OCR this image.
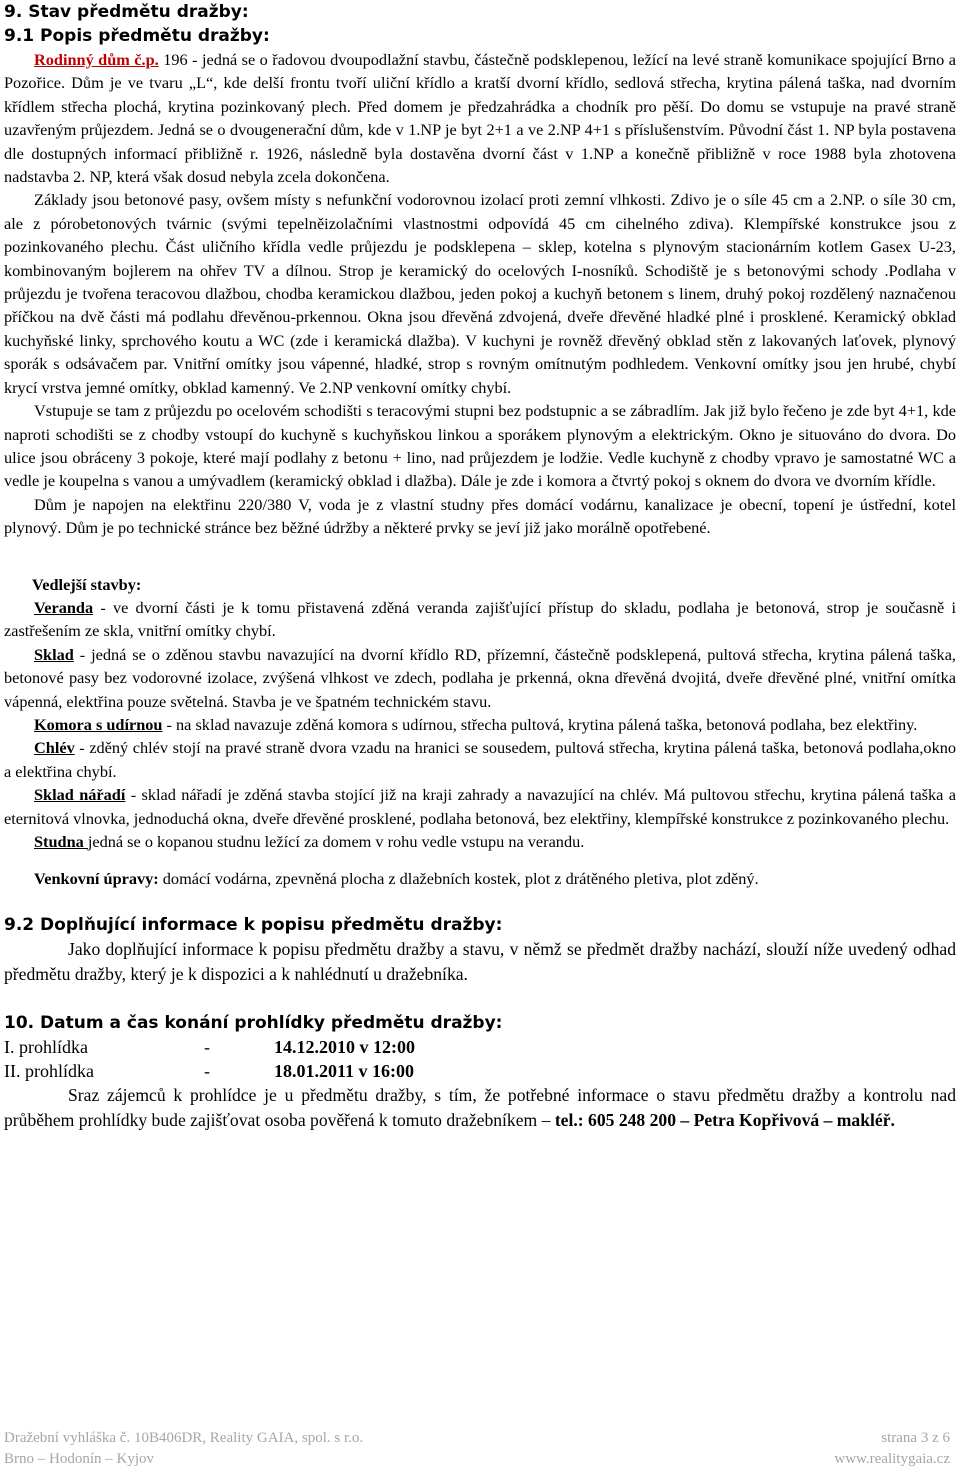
9. Stav předmětu dražby:
9.1 Popis předmětu dražby:

Rodinný dům č.p. 196 - jedná se o řadovou dvoupodlažní stavbu, částečně podsklepenou, ležící na levé straně komunikace spojující Brno a Pozořice. Dům je ve tvaru „L“, kde delší frontu tvoří uliční křídlo a kratší dvorní křídlo, sedlová střecha, krytina pálená taška, nad dvorním křídlem střecha plochá, krytina pozinkovaný plech. Před domem je předzahrádka a chodník pro pěší. Do domu se vstupuje na pravé straně uzavřeným průjezdem. Jedná se o dvougenerační dům, kde v 1.NP je byt 2+1 a ve 2.NP 4+1 s příslušenstvím. Původní část 1. NP byla postavena dle dostupných informací přibližně r. 1926, následně byla dostavěna dvorní část v 1.NP a konečně přibližně v roce 1988 byla zhotovena nadstavba 2. NP, která však dosud nebyla zcela dokončena.

Základy jsou betonové pasy, ovšem místy s nefunkční vodorovnou izolací proti zemní vlhkosti. Zdivo je o síle 45 cm a 2.NP. o síle 30 cm, ale z pórobetonových tvárnic (svými tepelněizolačními vlastnostmi odpovídá 45 cm cihelného zdiva). Klempířské konstrukce jsou z pozinkovaného plechu. Část uličního křídla vedle průjezdu je podsklepena – sklep, kotelna s plynovým stacionárním kotlem Gasex U-23, kombinovaným bojlerem na ohřev TV a dílnou. Strop je keramický do ocelových I-nosníků. Schodiště je s betonovými schody .Podlaha v průjezdu je tvořena teracovou dlažbou, chodba keramickou dlažbou, jeden pokoj a kuchyň betonem s linem, druhý pokoj rozdělený naznačenou příčkou na dvě části má podlahu dřevěnou-prkennou. Okna jsou dřevěná zdvojená, dveře dřevěné hladké plné i prosklené. Keramický obklad kuchyňské linky, sprchového koutu a WC (zde i keramická dlažba). V kuchyni je rovněž dřevěný obklad stěn z lakovaných laťovek, plynový sporák s odsávačem par. Vnitřní omítky jsou vápenné, hladké, strop s rovným omítnutým podhledem. Venkovní omítky jsou jen hrubé, chybí krycí vrstva jemné omítky, obklad kamenný. Ve 2.NP venkovní omítky chybí.

Vstupuje se tam z průjezdu po ocelovém schodišti s teracovými stupni bez podstupnic a se zábradlím. Jak již bylo řečeno je zde byt 4+1, kde naproti schodišti se z chodby vstoupí do kuchyně s kuchyňskou linkou a sporákem plynovým a elektrickým. Okno je situováno do dvora. Do ulice jsou obráceny 3 pokoje, které mají podlahy z betonu + lino, nad průjezdem je lodžie. Vedle kuchyně z chodby vpravo je samostatné WC a vedle je koupelna s vanou a umývadlem (keramický obklad i dlažba). Dále je zde i komora a čtvrtý pokoj s oknem do dvora ve dvorním křídle.

Dům je napojen na elektřinu 220/380 V, voda je z vlastní studny přes domácí vodárnu, kanalizace je obecní, topení je ústřední, kotel plynový. Dům je po technické stránce bez běžné údržby a některé prvky se jeví již jako morálně opotřebené.

Vedlejší stavby:

Veranda - ve dvorní části je k tomu přistavená zděná veranda zajišťující přístup do skladu, podlaha je betonová, strop je současně i zastřešením ze skla, vnitřní omítky chybí.

Sklad - jedná se o zděnou stavbu navazující na dvorní křídlo RD, přízemní, částečně podsklepená, pultová střecha, krytina pálená taška, betonové pasy bez vodorovné izolace, zvýšená vlhkost ve zdech, podlaha je prkenná, okna dřevěná dvojitá, dveře dřevěné plné, vnitřní omítka vápenná, elektřina pouze světelná. Stavba je ve špatném technickém stavu.

Komora s udírnou - na sklad navazuje zděná komora s udírnou, střecha pultová, krytina pálená taška, betonová podlaha, bez elektřiny.

Chlév - zděný chlév stojí na pravé straně dvora vzadu na hranici se sousedem, pultová střecha, krytina pálená taška, betonová podlaha,okno a elektřina chybí.

Sklad nářadí - sklad nářadí je zděná stavba stojící již na kraji zahrady a navazující na chlév. Má pultovou střechu, krytina pálená taška a eternitová vlnovka, jednoduchá okna, dveře dřevěné prosklené, podlaha betonová, bez elektřiny, klempířské konstrukce z pozinkovaného plechu.

Studna jedná se o kopanou studnu ležící za domem v rohu vedle vstupu na verandu.

Venkovní úpravy: domácí vodárna, zpevněná plocha z dlažebních kostek, plot z drátěného pletiva, plot zděný.

9.2 Doplňující informace k popisu předmětu dražby:

Jako doplňující informace k popisu předmětu dražby a stavu, v němž se předmět dražby nachází, slouží níže uvedený odhad předmětu dražby, který je k dispozici a k nahlédnutí u dražebníka.

10. Datum a čas konání prohlídky předmětu dražby:
I. prohlídka	-	14.12.2010 v 12:00
II. prohlídka	-	18.01.2011 v 16:00

Sraz zájemců k prohlídce je u předmětu dražby, s tím, že potřebné informace o stavu předmětu dražby a kontrolu nad průběhem prohlídky bude zajišťovat osoba pověřená k tomuto dražebníkem – tel.: 605 248 200 – Petra Kopřivová – makléř.

Dražební vyhláška č. 10B406DR, Reality GAIA, spol. s r.o.	strana 3 z 6
Brno – Hodonín – Kyjov	www.realitygaia.cz
